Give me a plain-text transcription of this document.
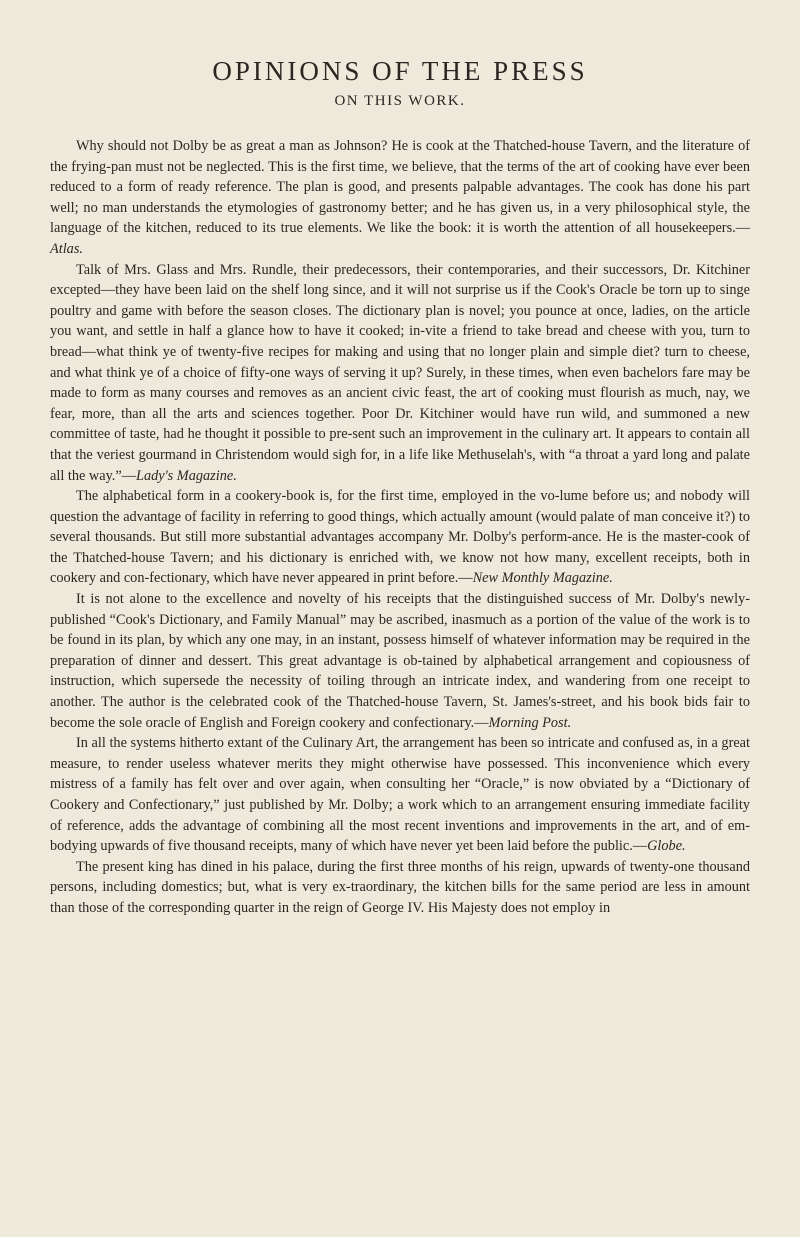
OPINIONS OF THE PRESS
ON THIS WORK.

Why should not Dolby be as great a man as Johnson? He is cook at the Thatched-house Tavern, and the literature of the frying-pan must not be neglected. This is the first time, we believe, that the terms of the art of cooking have ever been reduced to a form of ready reference. The plan is good, and presents palpable advantages. The cook has done his part well; no man understands the etymologies of gastronomy better; and he has given us, in a very philosophical style, the language of the kitchen, reduced to its true elements. We like the book: it is worth the attention of all housekeepers.—Atlas.

Talk of Mrs. Glass and Mrs. Rundle, their predecessors, their contemporaries, and their successors, Dr. Kitchiner excepted—they have been laid on the shelf long since, and it will not surprise us if the Cook's Oracle be torn up to singe poultry and game with before the season closes. The dictionary plan is novel; you pounce at once, ladies, on the article you want, and settle in half a glance how to have it cooked; in-vite a friend to take bread and cheese with you, turn to bread—what think ye of twenty-five recipes for making and using that no longer plain and simple diet? turn to cheese, and what think ye of a choice of fifty-one ways of serving it up? Surely, in these times, when even bachelors fare may be made to form as many courses and removes as an ancient civic feast, the art of cooking must flourish as much, nay, we fear, more, than all the arts and sciences together. Poor Dr. Kitchiner would have run wild, and summoned a new committee of taste, had he thought it possible to pre-sent such an improvement in the culinary art. It appears to contain all that the veriest gourmand in Christendom would sigh for, in a life like Methuselah's, with “a throat a yard long and palate all the way.”—Lady's Magazine.

The alphabetical form in a cookery-book is, for the first time, employed in the vo-lume before us; and nobody will question the advantage of facility in referring to good things, which actually amount (would palate of man conceive it?) to several thousands. But still more substantial advantages accompany Mr. Dolby's perform-ance. He is the master-cook of the Thatched-house Tavern; and his dictionary is enriched with, we know not how many, excellent receipts, both in cookery and con-fectionary, which have never appeared in print before.—New Monthly Magazine.

It is not alone to the excellence and novelty of his receipts that the distinguished success of Mr. Dolby's newly-published “Cook's Dictionary, and Family Manual” may be ascribed, inasmuch as a portion of the value of the work is to be found in its plan, by which any one may, in an instant, possess himself of whatever information may be required in the preparation of dinner and dessert. This great advantage is ob-tained by alphabetical arrangement and copiousness of instruction, which supersede the necessity of toiling through an intricate index, and wandering from one receipt to another. The author is the celebrated cook of the Thatched-house Tavern, St. James's-street, and his book bids fair to become the sole oracle of English and Foreign cookery and confectionary.—Morning Post.

In all the systems hitherto extant of the Culinary Art, the arrangement has been so intricate and confused as, in a great measure, to render useless whatever merits they might otherwise have possessed. This inconvenience which every mistress of a family has felt over and over again, when consulting her “Oracle,” is now obviated by a “Dictionary of Cookery and Confectionary,” just published by Mr. Dolby; a work which to an arrangement ensuring immediate facility of reference, adds the advantage of combining all the most recent inventions and improvements in the art, and of em-bodying upwards of five thousand receipts, many of which have never yet been laid before the public.—Globe.

The present king has dined in his palace, during the first three months of his reign, upwards of twenty-one thousand persons, including domestics; but, what is very ex-traordinary, the kitchen bills for the same period are less in amount than those of the corresponding quarter in the reign of George IV. His Majesty does not employ in
